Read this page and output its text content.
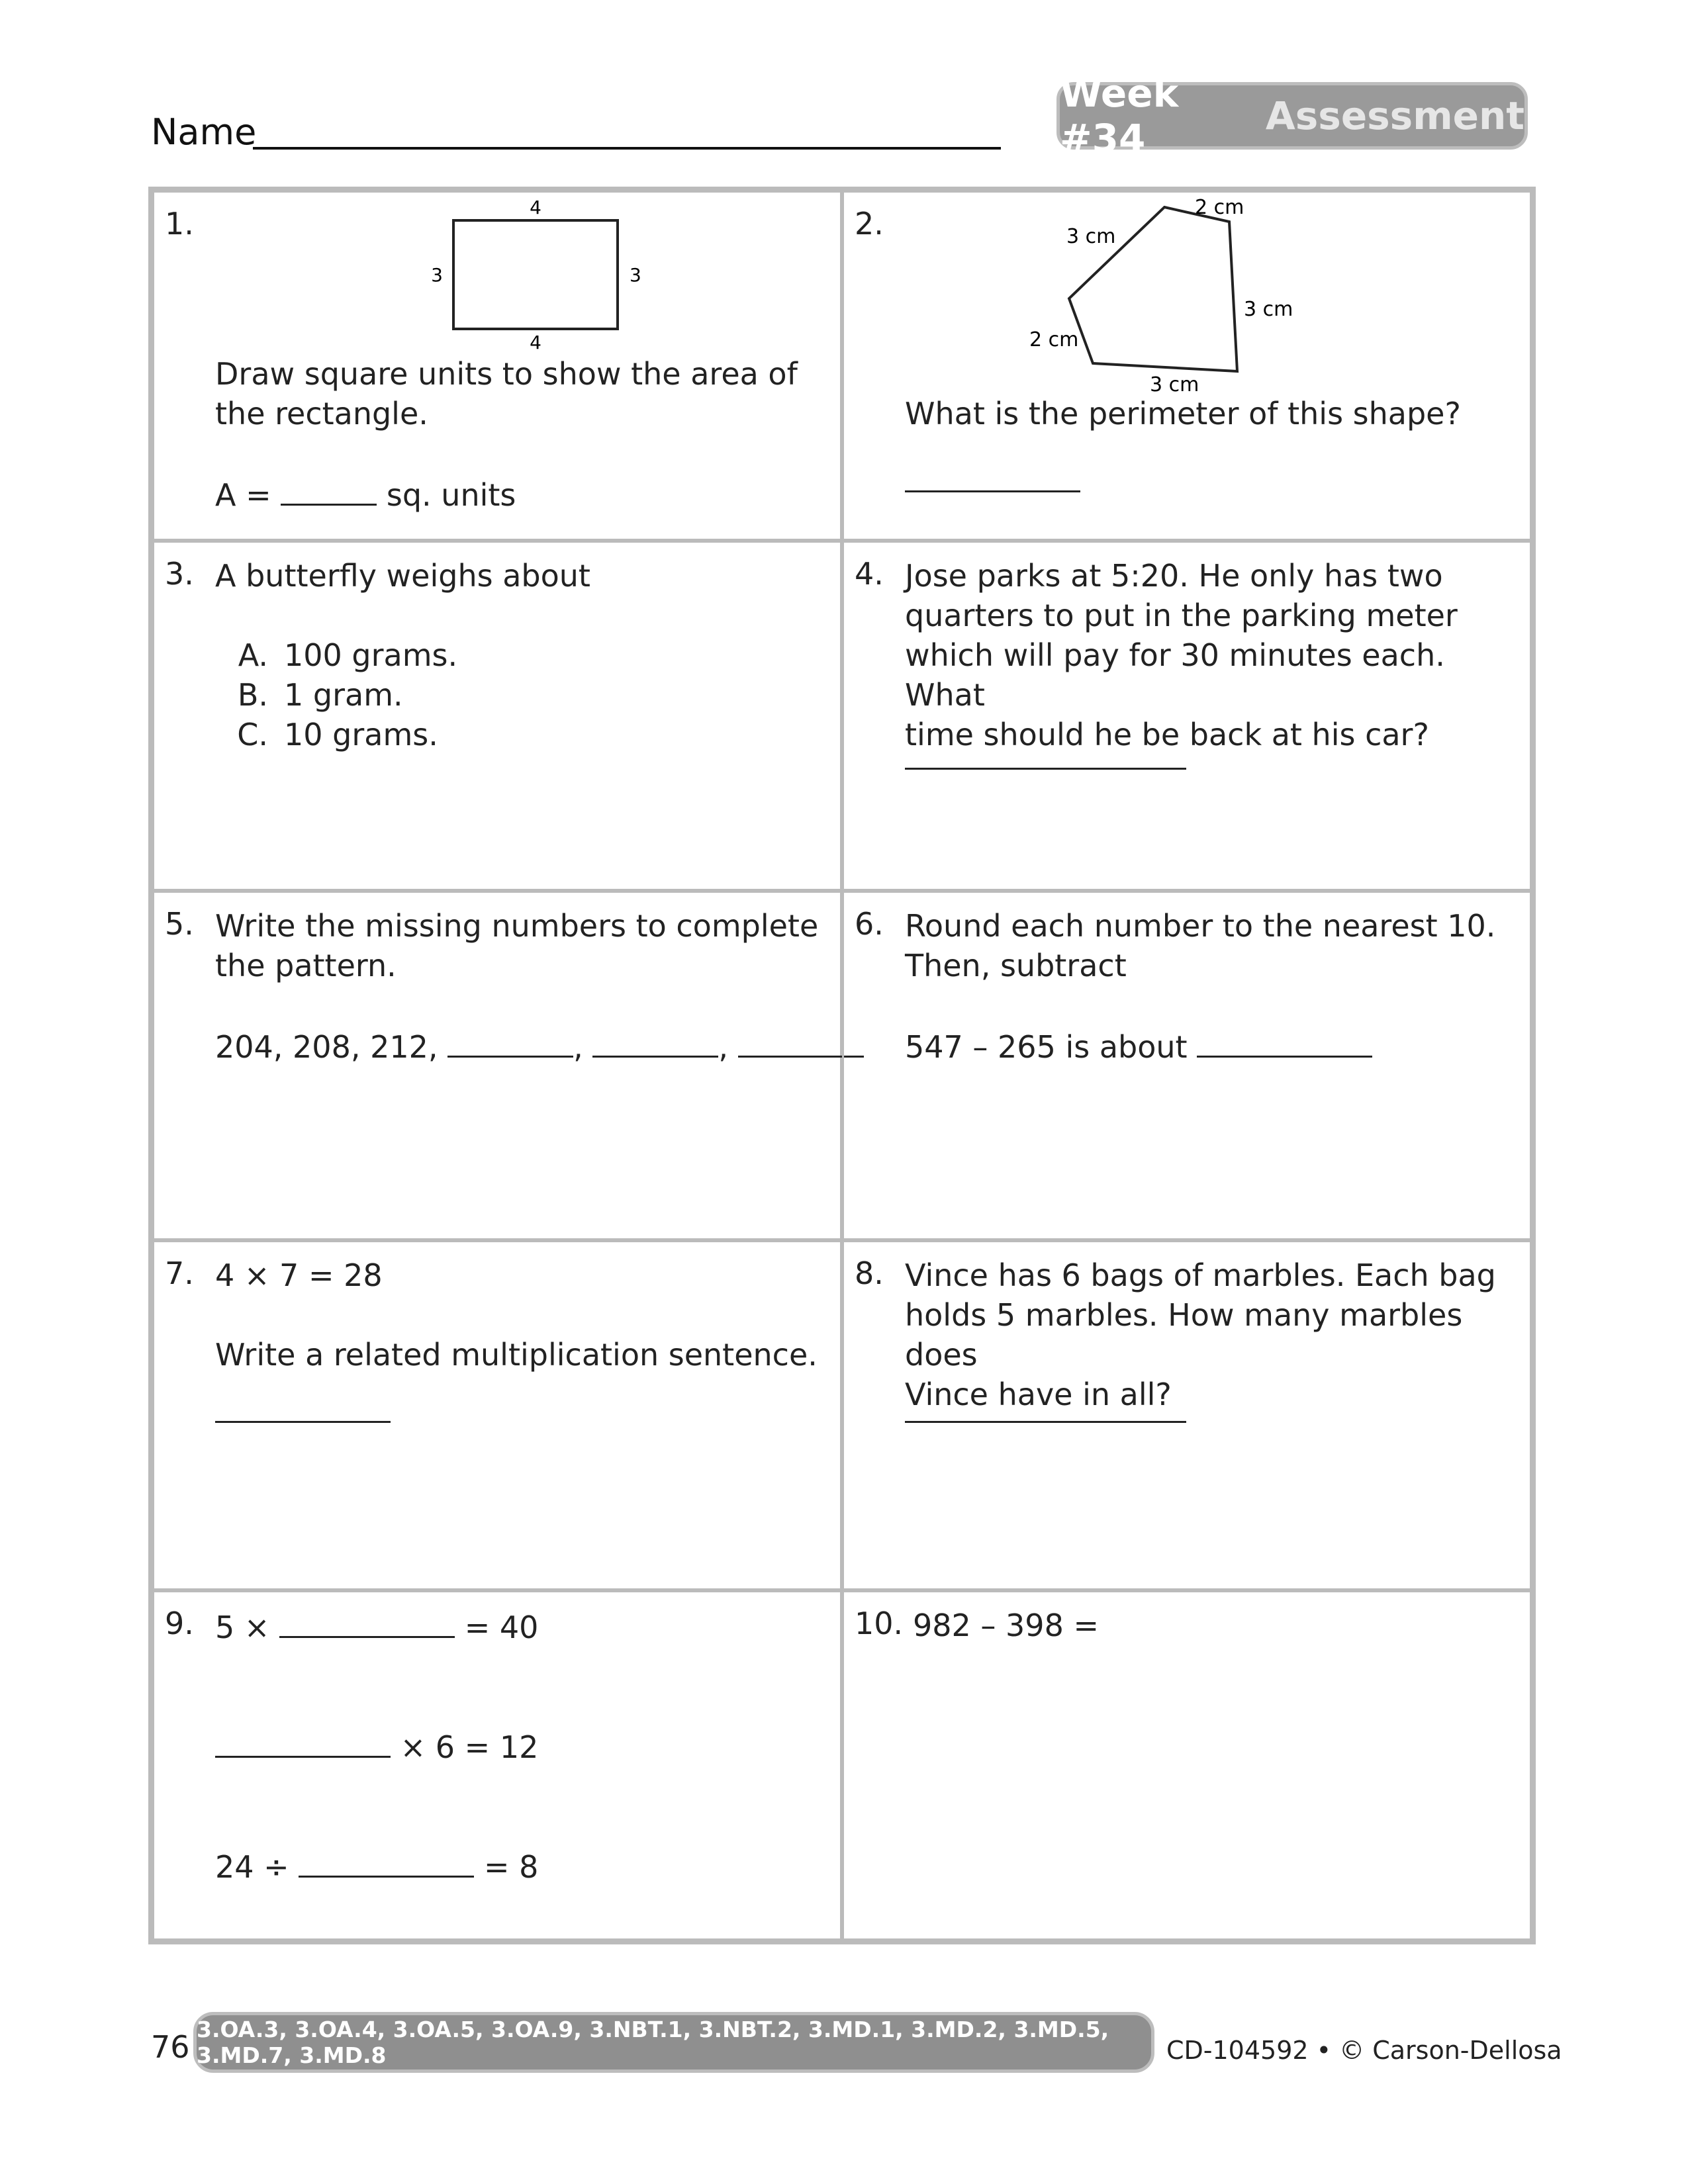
Name
Week #34	Assessment
1.	4
4
3	3

Draw square units to show the area of

the rectangle.

A =	sq. units

2.	2 cm
3 cm
3 cm
2 cm
3 cm

What is the perimeter of this shape?

3. A butterfly weighs about

A. 100 grams.
B. 1 gram.
C. 10 grams.
4. Jose parks at 5:20. He only has two

quarters to put in the parking meter

which will pay for 30 minutes each. What

time should he be back at his car?

5. Write the missing numbers to complete

the pattern.

204, 208, 212,	,	,

6. Round each number to the nearest 10.

Then, subtract

547 – 265 is about

7. 4 × 7 = 28

Write a related multiplication sentence.

8. Vince has 6 bags of marbles. Each bag

holds 5 marbles. How many marbles does

Vince have in all?

9. 5 ×	= 40

× 6 = 12

24 ÷	= 8

10. 982 – 398 =

76 3.OA.3, 3.OA.4, 3.OA.5, 3.OA.9, 3.NBT.1, 3.NBT.2, 3.MD.1, 3.MD.2, 3.MD.5, 3.MD.7, 3.MD.8	CD-104592 • © Carson-Dellosa
